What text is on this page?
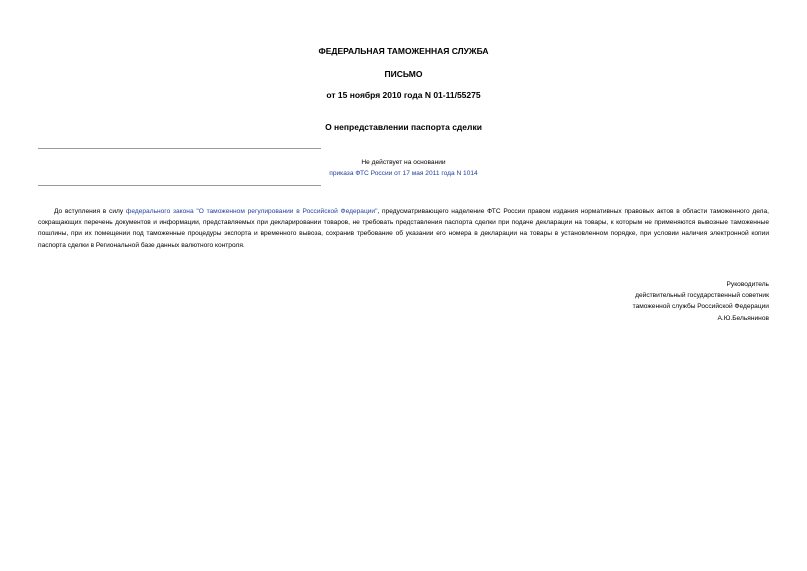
ФЕДЕРАЛЬНАЯ ТАМОЖЕННАЯ СЛУЖБА
ПИСЬМО
от 15 ноября 2010 года N 01-11/55275
О непредставлении паспорта сделки
Не действует на основании
приказа ФТС России от 17 мая 2011 года N 1014

До вступления в силу федерального закона "О таможенном регулировании в Российской Федерации", предусматривающего наделение ФТС России правом издания нормативных правовых актов в области таможенного дела, сокращающих перечень документов и информации, представляемых при декларировании товаров, не требовать представления паспорта сделки при подаче декларации на товары, к которым не применяются вывозные таможенные пошлины, при их помещении под таможенные процедуры экспорта и временного вывоза, сохранив требование об указании его номера в декларации на товары в установленном порядке, при условии наличия электронной копии паспорта сделки в Региональной базе данных валютного контроля.

Руководитель
действительный государственный советник
таможенной службы Российской Федерации
А.Ю.Бельянинов
